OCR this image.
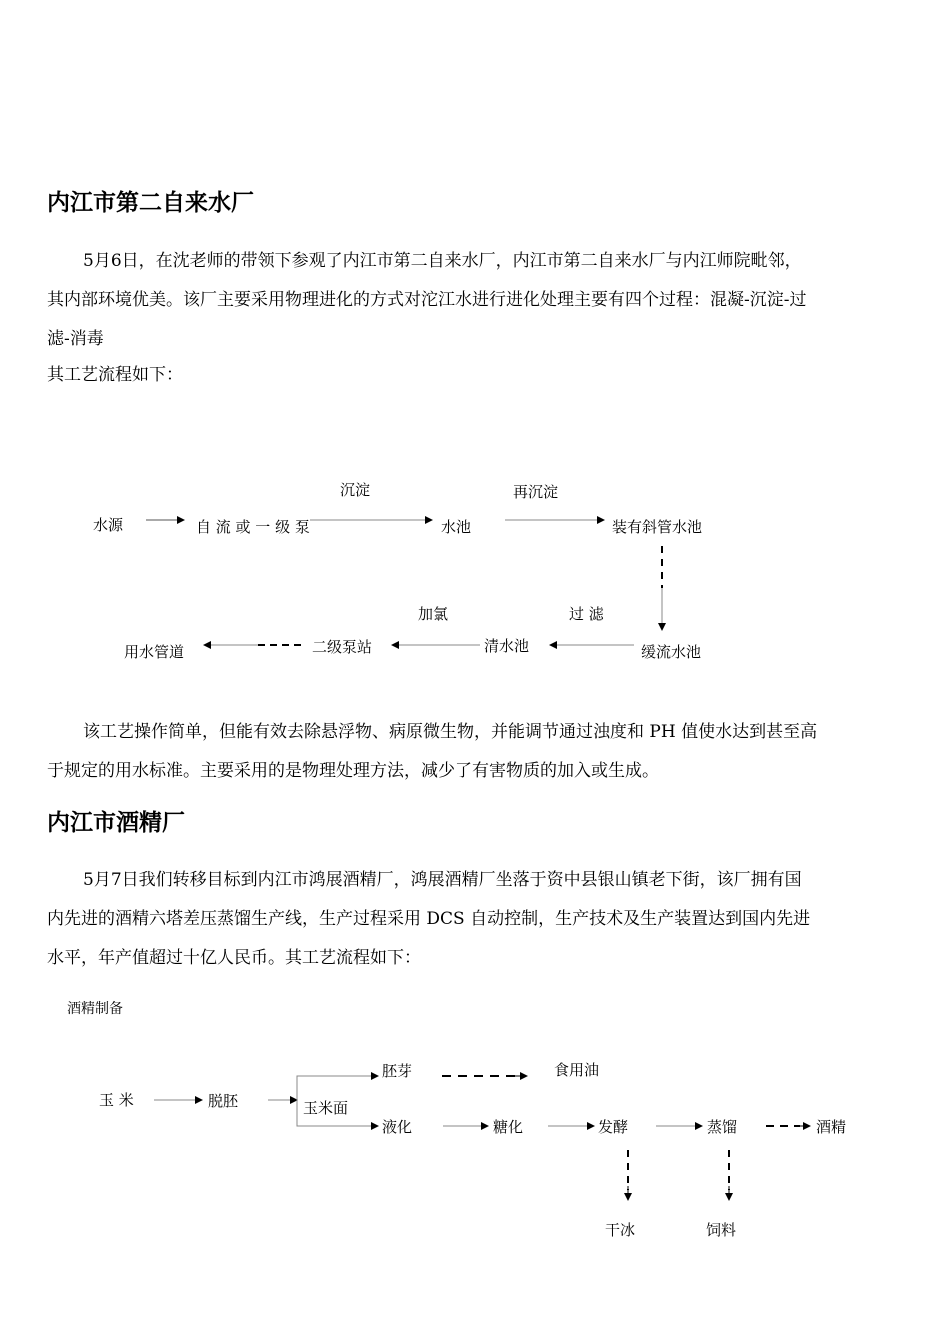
内江市第二自来水厂
5月6日，在沈老师的带领下参观了内江市第二自来水厂，内江市第二自来水厂与内江师院毗邻，
其内部环境优美。该厂主要采用物理进化的方式对沱江水进行进化处理主要有四个过程：混凝-沉淀-过
滤-消毒
其工艺流程如下：
水源	自 流 或 一 级 泵
沉淀
水池
再沉淀
装有斜管水池
缓流水池
过 滤
清水池
加氯
二级泵站
用水管道
该工艺操作简单，但能有效去除悬浮物、病原微生物，并能调节通过浊度和 PH 值使水达到甚至高
于规定的用水标准。主要采用的是物理处理方法，减少了有害物质的加入或生成。
内江市酒精厂
5月7日我们转移目标到内江市鸿展酒精厂，鸿展酒精厂坐落于资中县银山镇老下街，该厂拥有国
内先进的酒精六塔差压蒸馏生产线，生产过程采用 DCS 自动控制，生产技术及生产装置达到国内先进
水平，年产值超过十亿人民币。其工艺流程如下：
酒精制备
玉 米	脱胚
胚芽	食用油
玉米面
液化	糖化	发酵	蒸馏	酒精
干冰	饲料
